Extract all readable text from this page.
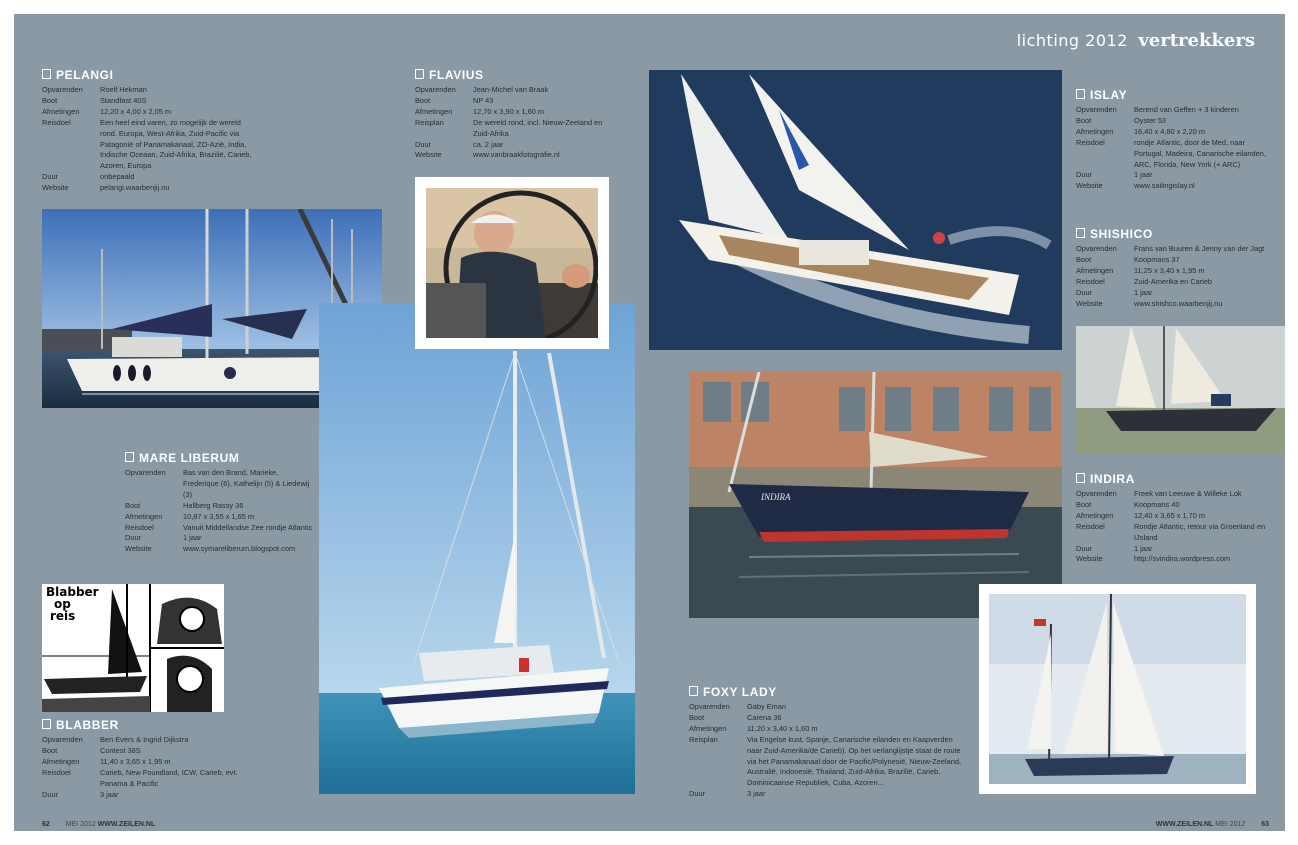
lichting 2012 vertrekkers
PELANGI
Opvarenden	Roelf Hekman
Boot	Standfast 40S
Afmetingen	12,20 x 4,00 x 2,05 m
Reisdoel	Een heel eind varen, zo mogelijk de wereld rond. Europa, West-Afrika, Zuid-Pacific via Patagonië of Panamakanaal, ZO-Azië, India, Indische Oceaan, Zuid-Afrika, Brazilië, Carieb, Azoren, Europa
Duur	onbepaald
Website	pelangi.waarbenjij.nu
FLAVIUS
Opvarenden	Jean-Michel van Braak
Boot	NP 43
Afmetingen	12,70 x 3,90 x 1,60 m
Reisplan	De wereld rond, incl. Nieuw-Zeeland en Zuid-Afrika
Duur	ca. 2 jaar
Website	www.vanbraakfotografie.nl
ISLAY
Opvarenden	Berend van Geffen + 3 kinderen
Boot	Oyster 53
Afmetingen	16,40 x 4,80 x 2,20 m
Reisdoel	rondje Atlantic, door de Med, naar Portugal, Madeira, Canarische eilanden, ARC, Florida, New York (+ ARC)
Duur	1 jaar
Website	www.sailingislay.nl
SHISHICO
Opvarenden	Frans van Buuren & Jenny van der Jagt
Boot	Koopmans 37
Afmetingen	11,25 x 3,40 x 1,95 m
Reisdoel	Zuid-Amerika en Carieb
Duur	1 jaar
Website	www.shishco.waarbenjij.nu
MARE LIBERUM
Opvarenden	Bas van den Brand, Marieke, Frederique (6), Kathelijn (5) & Liedewij (3)
Boot	Hallberg Rassy 36
Afmetingen	10,87 x 3,55 x 1,65 m
Reisdoel	Vanuit Middellandse Zee rondje Atlantic
Duur	1 jaar
Website	www.symareliberum.blogspot.com
INDIRA
INDIRA
Opvarenden	Freek van Leeuwe & Willeke Lok
Boot	Koopmans 40
Afmetingen	12,40 x 3,65 x 1,70 m
Reisdoel	Rondje Atlantic, retour via Groenland en IJsland
Duur	1 jaar
Website	http://svindira.wordpress.com
Blabber
op
reis
BLABBER
Opvarenden	Ben Evers & Ingrid Dijkstra
Boot	Contest 38S
Afmetingen	11,40 x 3,65 x 1,95 m
Reisdoel	Carieb, New Foundland, ICW, Carieb, evt. Panama & Pacific
Duur	3 jaar
FOXY LADY
Opvarenden	Gaby Eman
Boot	Carena 36
Afmetingen	11,20 x 3,40 x 1,60 m
Reisplan	Via Engelse kust, Spanje, Canarische eilanden en Kaapverden naar Zuid-Amerika/de Carieb). Op het verlanglijstje staat de route via het Panamakanaal door de Pacific/Polynesië, Nieuw-Zeeland, Australië, Indonesië, Thailand, Zuid-Afrika, Brazilië, Carieb, Dominicaanse Republiek, Cuba, Azoren...
Duur	3 jaar
62 MEI 2012 WWW.ZEILEN.NL	WWW.ZEILEN.NL MEI 2012 63
